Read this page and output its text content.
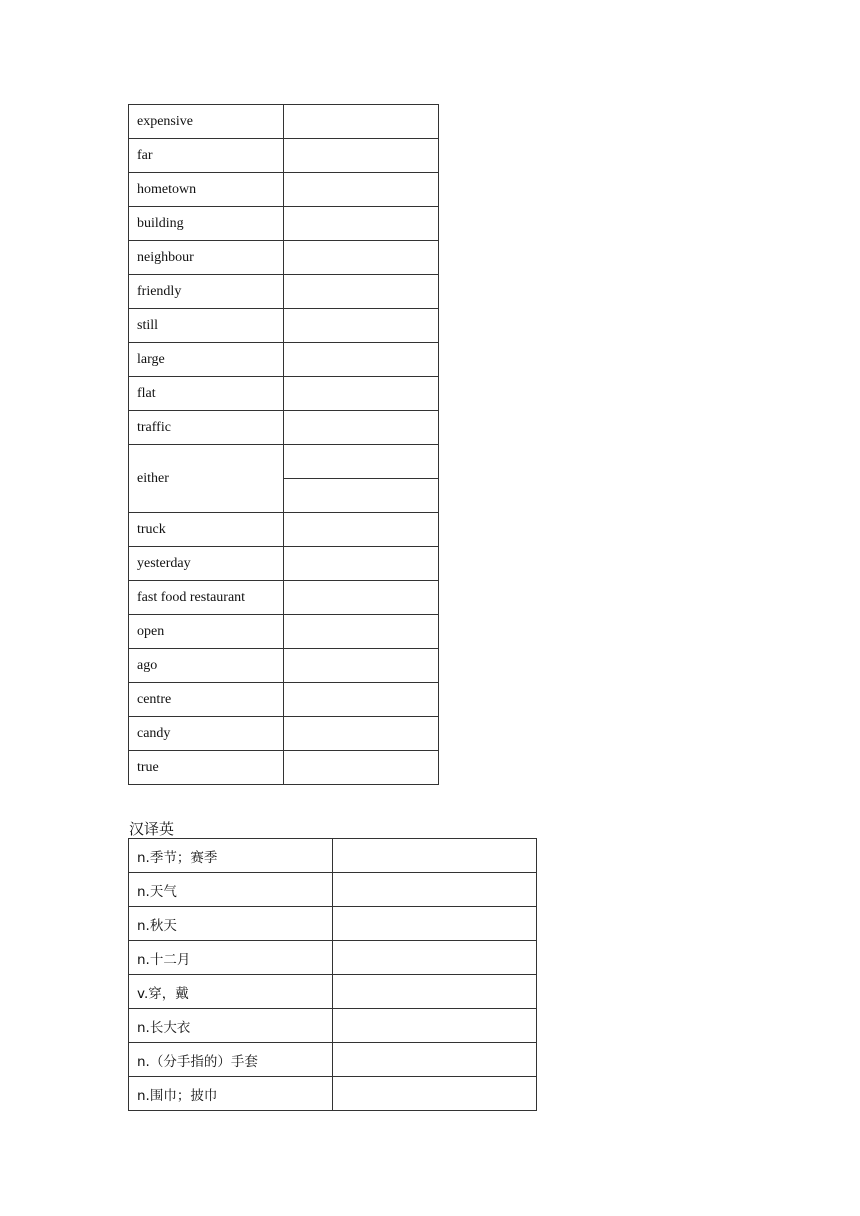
expensive	
far	
hometown	
building	
neighbour	
friendly	
still	
large	
flat	
traffic	
either	

truck	
yesterday	
fast food restaurant	
open	
ago	
centre	
candy	
true	
汉译英
n.季节；赛季	
n.天气	
n.秋天	
n.十二月	
v.穿，戴	
n.长大衣	
n.（分手指的）手套	
n.围巾；披巾	
